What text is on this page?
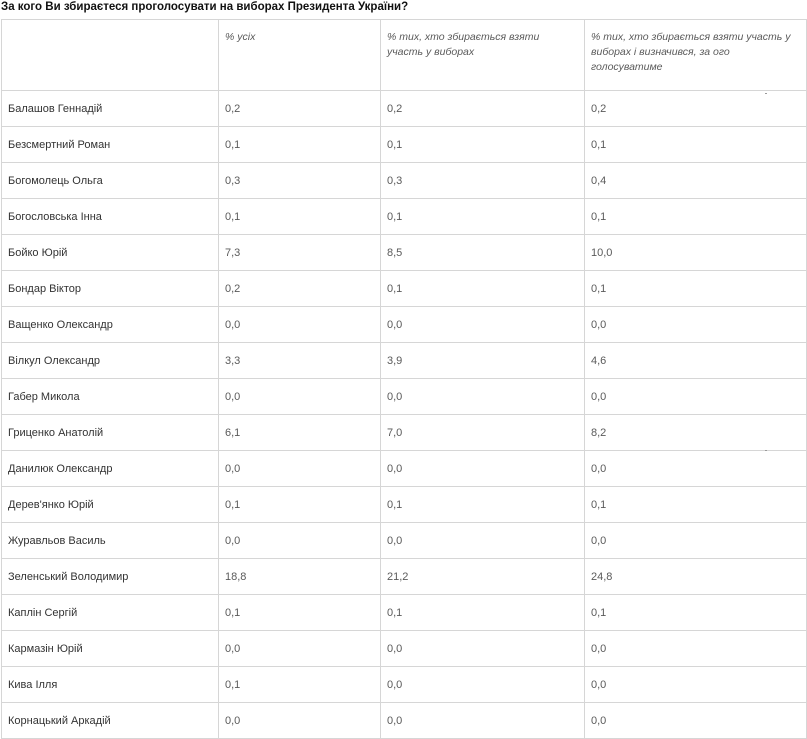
За кого Ви збираєтеся проголосувати на виборах Президента України?
	% усіх	% тих, хто збирається взяти участь у виборах	% тих, хто збирається взяти участь у виборах і визначився, за ого голосуватиме
Балашов Геннадій	0,2	0,2	0,2
Безсмертний Роман	0,1	0,1	0,1
Богомолець Ольга	0,3	0,3	0,4
Богословська Інна	0,1	0,1	0,1
Бойко Юрій	7,3	8,5	10,0
Бондар Віктор	0,2	0,1	0,1
Ващенко Олександр	0,0	0,0	0,0
Вілкул Олександр	3,3	3,9	4,6
Габер Микола	0,0	0,0	0,0
Гриценко Анатолій	6,1	7,0	8,2
Данилюк Олександр	0,0	0,0	0,0
Дерев'янко Юрій	0,1	0,1	0,1
Журавльов Василь	0,0	0,0	0,0
Зеленський Володимир	18,8	21,2	24,8
Каплін Сергій	0,1	0,1	0,1
Кармазін Юрій	0,0	0,0	0,0
Кива Ілля	0,1	0,0	0,0
Корнацький Аркадій	0,0	0,0	0,0
